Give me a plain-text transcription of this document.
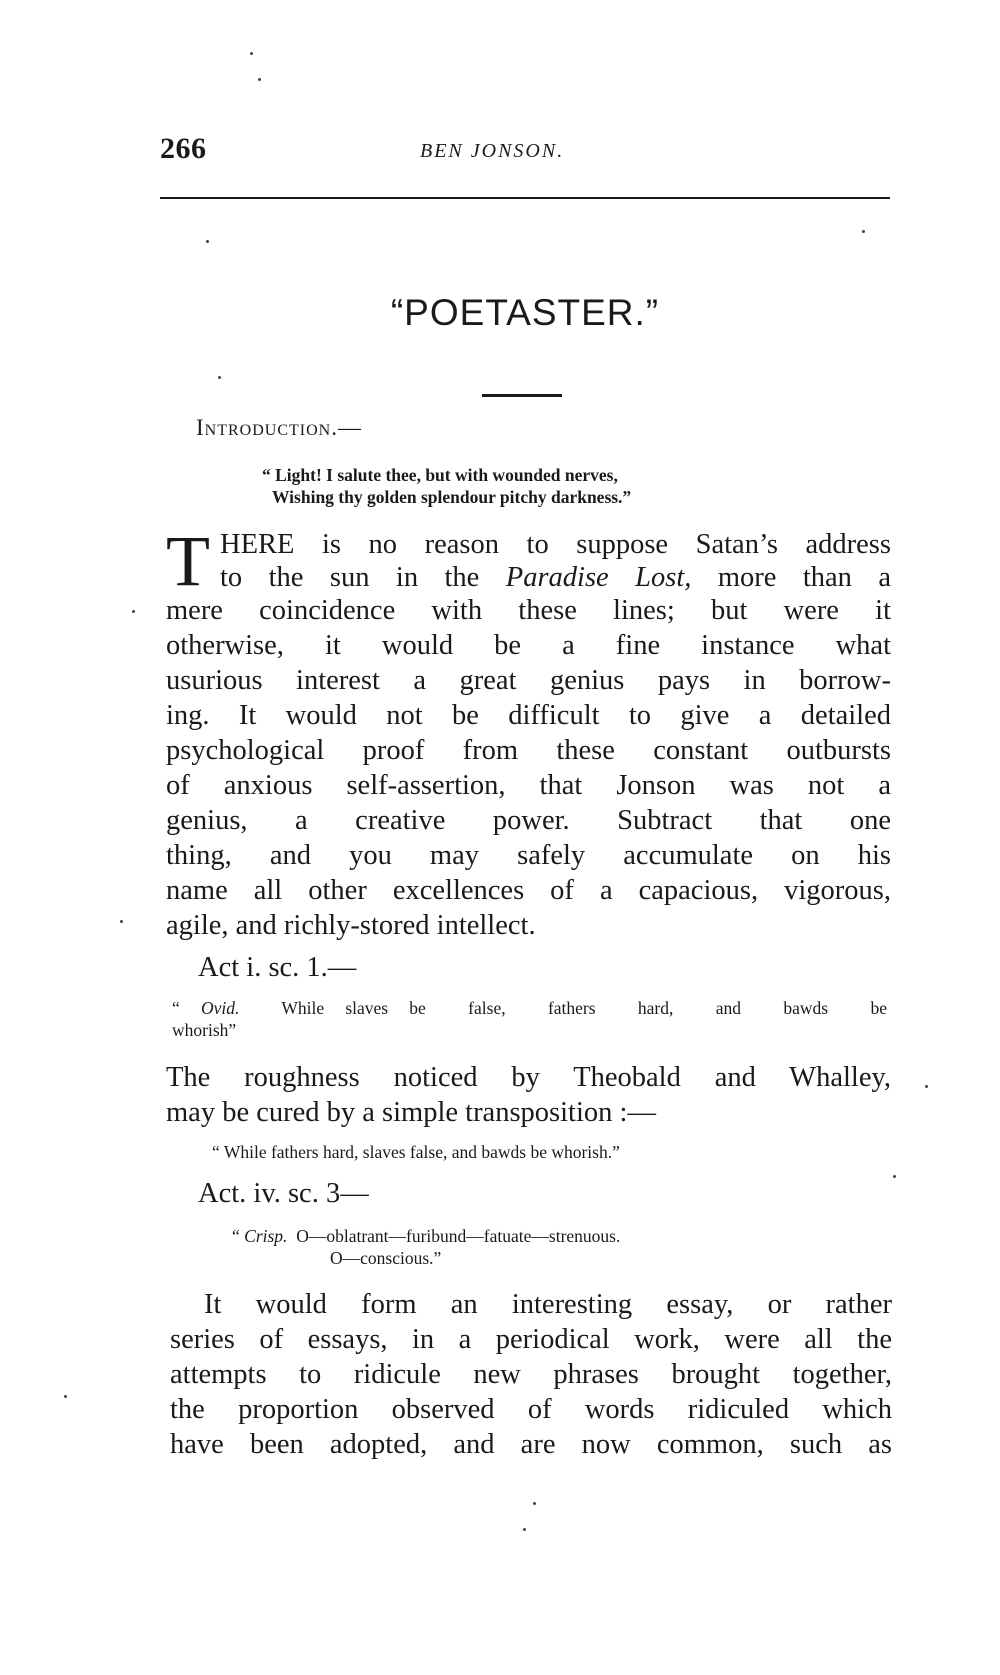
266	BEN JONSON.
“POETASTER.”
Introduction.—
“ Light! I salute thee, but with wounded nerves,
Wishing thy golden splendour pitchy darkness.”
T HERE is no reason to suppose Satan’s address
to the sun in the Paradise Lost, more than a
mere coincidence with these lines; but were it
otherwise, it would be a fine instance what
usurious interest a great genius pays in borrow-
ing. It would not be difficult to give a detailed
psychological proof from these constant outbursts
of anxious self-assertion, that Jonson was not a
genius, a creative power. Subtract that one
thing, and you may safely accumulate on his
name all other excellences of a capacious, vigorous,
agile, and richly-stored intellect.
Act i. sc. 1.—
“ Ovid.  While slaves be  false,  fathers  hard,  and  bawds  be
whorish”
The roughness noticed by Theobald and Whalley,
may be cured by a simple transposition :—
“ While fathers hard, slaves false, and bawds be whorish.”
Act. iv. sc. 3—
“ Crisp.  O—oblatrant—furibund—fatuate—strenuous.
O—conscious.”
It would form an interesting essay, or rather
series of essays, in a periodical work, were all the
attempts to ridicule new phrases brought together,
the proportion observed of words ridiculed which
have been adopted, and are now common, such as
